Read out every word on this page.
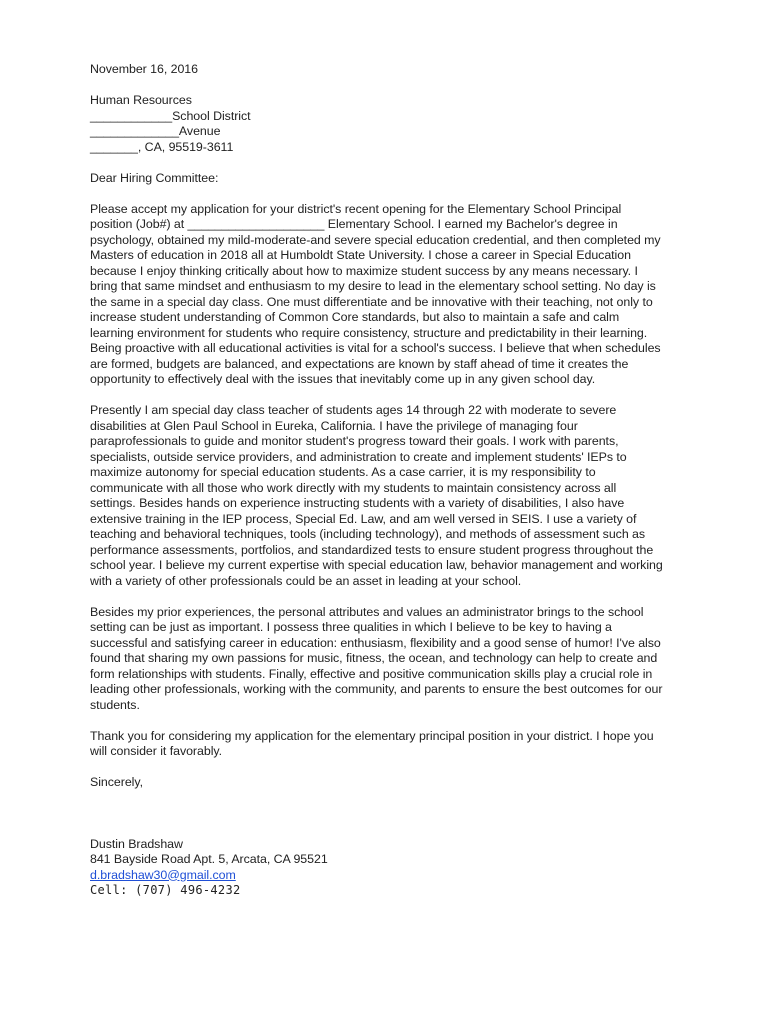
November 16, 2016
Human Resources
____________School District
_____________Avenue
_______, CA, 95519-3611
Dear Hiring Committee:
Please accept my application for your district's recent opening for the Elementary School Principal
position (Job#) at ____________________ Elementary School. I earned my Bachelor's degree in
psychology, obtained my mild-moderate-and severe special education credential, and then completed my
Masters of education in 2018 all at Humboldt State University. I chose a career in Special Education
because I enjoy thinking critically about how to maximize student success by any means necessary. I
bring that same mindset and enthusiasm to my desire to lead in the elementary school setting. No day is
the same in a special day class. One must differentiate and be innovative with their teaching, not only to
increase student understanding of Common Core standards, but also to maintain a safe and calm
learning environment for students who require consistency, structure and predictability in their learning.
Being proactive with all educational activities is vital for a school's success. I believe that when schedules
are formed, budgets are balanced, and expectations are known by staff ahead of time it creates the
opportunity to effectively deal with the issues that inevitably come up in any given school day.
Presently I am special day class teacher of students ages 14 through 22 with moderate to severe
disabilities at Glen Paul School in Eureka, California. I have the privilege of managing four
paraprofessionals to guide and monitor student's progress toward their goals. I work with parents,
specialists, outside service providers, and administration to create and implement students' IEPs to
maximize autonomy for special education students. As a case carrier, it is my responsibility to
communicate with all those who work directly with my students to maintain consistency across all
settings. Besides hands on experience instructing students with a variety of disabilities, I also have
extensive training in the IEP process, Special Ed. Law, and am well versed in SEIS. I use a variety of
teaching and behavioral techniques, tools (including technology), and methods of assessment such as
performance assessments, portfolios, and standardized tests to ensure student progress throughout the
school year. I believe my current expertise with special education law, behavior management and working
with a variety of other professionals could be an asset in leading at your school.
Besides my prior experiences, the personal attributes and values an administrator brings to the school
setting can be just as important. I possess three qualities in which I believe to be key to having a
successful and satisfying career in education: enthusiasm, flexibility and a good sense of humor! I've also
found that sharing my own passions for music, fitness, the ocean, and technology can help to create and
form relationships with students. Finally, effective and positive communication skills play a crucial role in
leading other professionals, working with the community, and parents to ensure the best outcomes for our
students.
Thank you for considering my application for the elementary principal position in your district. I hope you
will consider it favorably.
Sincerely,
Dustin Bradshaw
841 Bayside Road Apt. 5, Arcata, CA 95521
d.bradshaw30@gmail.com
Cell: (707) 496-4232
